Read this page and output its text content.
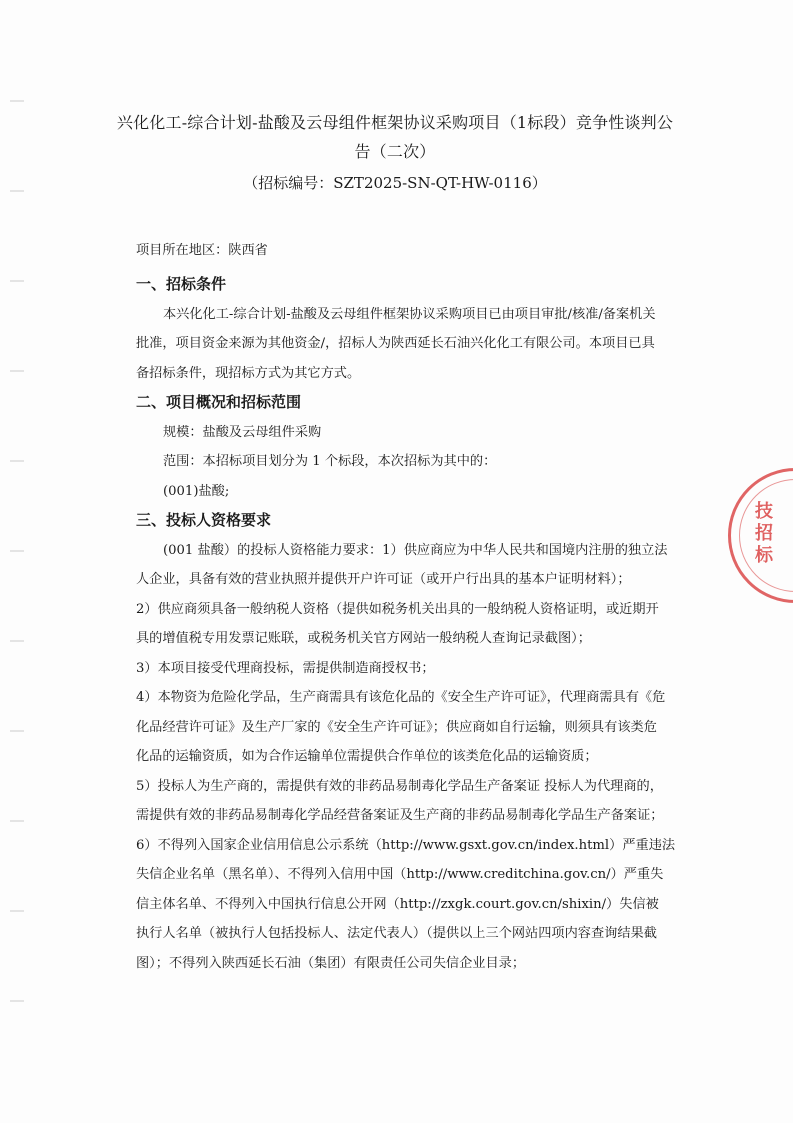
兴化化工-综合计划-盐酸及云母组件框架协议采购项目（1标段）竞争性谈判公
告（二次）
（招标编号：SZT2025-SN-QT-HW-0116）
项目所在地区：陕西省
一、招标条件
本兴化化工-综合计划-盐酸及云母组件框架协议采购项目已由项目审批/核准/备案机关
批准，项目资金来源为其他资金/，招标人为陕西延长石油兴化化工有限公司。本项目已具
备招标条件，现招标方式为其它方式。
二、项目概况和招标范围
规模：盐酸及云母组件采购
范围：本招标项目划分为 1 个标段，本次招标为其中的：
(001)盐酸;
三、投标人资格要求
(001 盐酸）的投标人资格能力要求：1）供应商应为中华人民共和国境内注册的独立法
人企业，具备有效的营业执照并提供开户许可证（或开户行出具的基本户证明材料）；
2）供应商须具备一般纳税人资格（提供如税务机关出具的一般纳税人资格证明，或近期开
具的增值税专用发票记账联，或税务机关官方网站一般纳税人查询记录截图）；
3）本项目接受代理商投标，需提供制造商授权书；
4）本物资为危险化学品，生产商需具有该危化品的《安全生产许可证》，代理商需具有《危
化品经营许可证》及生产厂家的《安全生产许可证》；供应商如自行运输，则须具有该类危
化品的运输资质，如为合作运输单位需提供合作单位的该类危化品的运输资质；
5）投标人为生产商的，需提供有效的非药品易制毒化学品生产备案证 投标人为代理商的，
需提供有效的非药品易制毒化学品经营备案证及生产商的非药品易制毒化学品生产备案证；
6）不得列入国家企业信用信息公示系统（http://www.gsxt.gov.cn/index.html）严重违法
失信企业名单（黑名单）、不得列入信用中国（http://www.creditchina.gov.cn/）严重失
信主体名单、不得列入中国执行信息公开网（http://zxgk.court.gov.cn/shixin/）失信被
执行人名单（被执行人包括投标人、法定代表人）（提供以上三个网站四项内容查询结果截
图）；不得列入陕西延长石油（集团）有限责任公司失信企业目录；
技招标
